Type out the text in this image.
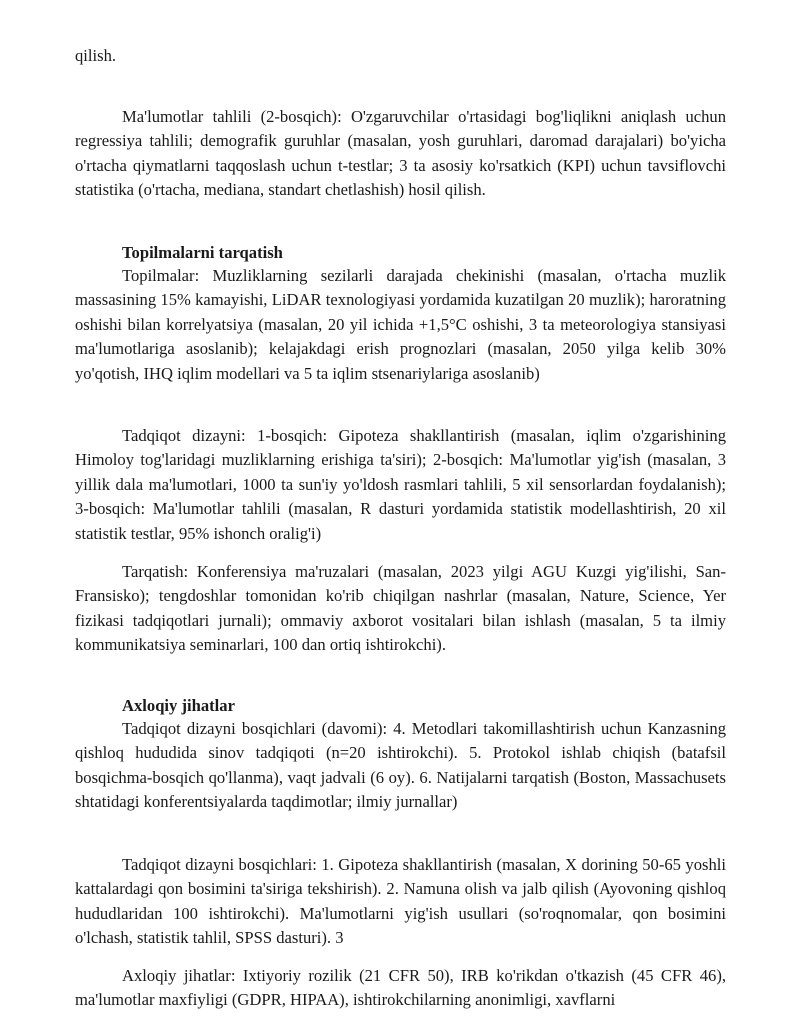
qilish.

Ma'lumotlar tahlili (2-bosqich): O'zgaruvchilar o'rtasidagi bog'liqlikni aniqlash uchun regressiya tahlili; demografik guruhlar (masalan, yosh guruhlari, daromad darajalari) bo'yicha o'rtacha qiymatlarni taqqoslash uchun t-testlar; 3 ta asosiy ko'rsatkich (KPI) uchun tavsiflovchi statistika (o'rtacha, mediana, standart chetlashish) hosil qilish.

Topilmalarni tarqatish

Topilmalar: Muzliklarning sezilarli darajada chekinishi (masalan, o'rtacha muzlik massasining 15% kamayishi, LiDAR texnologiyasi yordamida kuzatilgan 20 muzlik); haroratning oshishi bilan korrelyatsiya (masalan, 20 yil ichida +1,5°C oshishi, 3 ta meteorologiya stansiyasi ma'lumotlariga asoslanib); kelajakdagi erish prognozlari (masalan, 2050 yilga kelib 30% yo'qotish, IHQ iqlim modellari va 5 ta iqlim stsenariylariga asoslanib)

Tadqiqot dizayni: 1-bosqich: Gipoteza shakllantirish (masalan, iqlim o'zgarishining Himoloy tog'laridagi muzliklarning erishiga ta'siri); 2-bosqich: Ma'lumotlar yig'ish (masalan, 3 yillik dala ma'lumotlari, 1000 ta sun'iy yo'ldosh rasmlari tahlili, 5 xil sensorlardan foydalanish); 3-bosqich: Ma'lumotlar tahlili (masalan, R dasturi yordamida statistik modellashtirish, 20 xil statistik testlar, 95% ishonch oralig'i)

Tarqatish: Konferensiya ma'ruzalari (masalan, 2023 yilgi AGU Kuzgi yig'ilishi, San-Fransisko); tengdoshlar tomonidan ko'rib chiqilgan nashrlar (masalan, Nature, Science, Yer fizikasi tadqiqotlari jurnali); ommaviy axborot vositalari bilan ishlash (masalan, 5 ta ilmiy kommunikatsiya seminarlari, 100 dan ortiq ishtirokchi).

Axloqiy jihatlar

Tadqiqot dizayni bosqichlari (davomi): 4. Metodlari takomillashtirish uchun Kanzasning qishloq hududida sinov tadqiqoti (n=20 ishtirokchi). 5. Protokol ishlab chiqish (batafsil bosqichma-bosqich qo'llanma), vaqt jadvali (6 oy). 6. Natijalarni tarqatish (Boston, Massachusets shtatidagi konferentsiyalarda taqdimotlar; ilmiy jurnallar)

Tadqiqot dizayni bosqichlari: 1. Gipoteza shakllantirish (masalan, X dorining 50-65 yoshli kattalardagi qon bosimini ta'siriga tekshirish). 2. Namuna olish va jalb qilish (Ayovoning qishloq hududlaridan 100 ishtirokchi). Ma'lumotlarni yig'ish usullari (so'roqnomalar, qon bosimini o'lchash, statistik tahlil, SPSS dasturi). 3

Axloqiy jihatlar: Ixtiyoriy rozilik (21 CFR 50), IRB ko'rikdan o'tkazish (45 CFR 46), ma'lumotlar maxfiyligi (GDPR, HIPAA), ishtirokchilarning anonimligi, xavflarni
